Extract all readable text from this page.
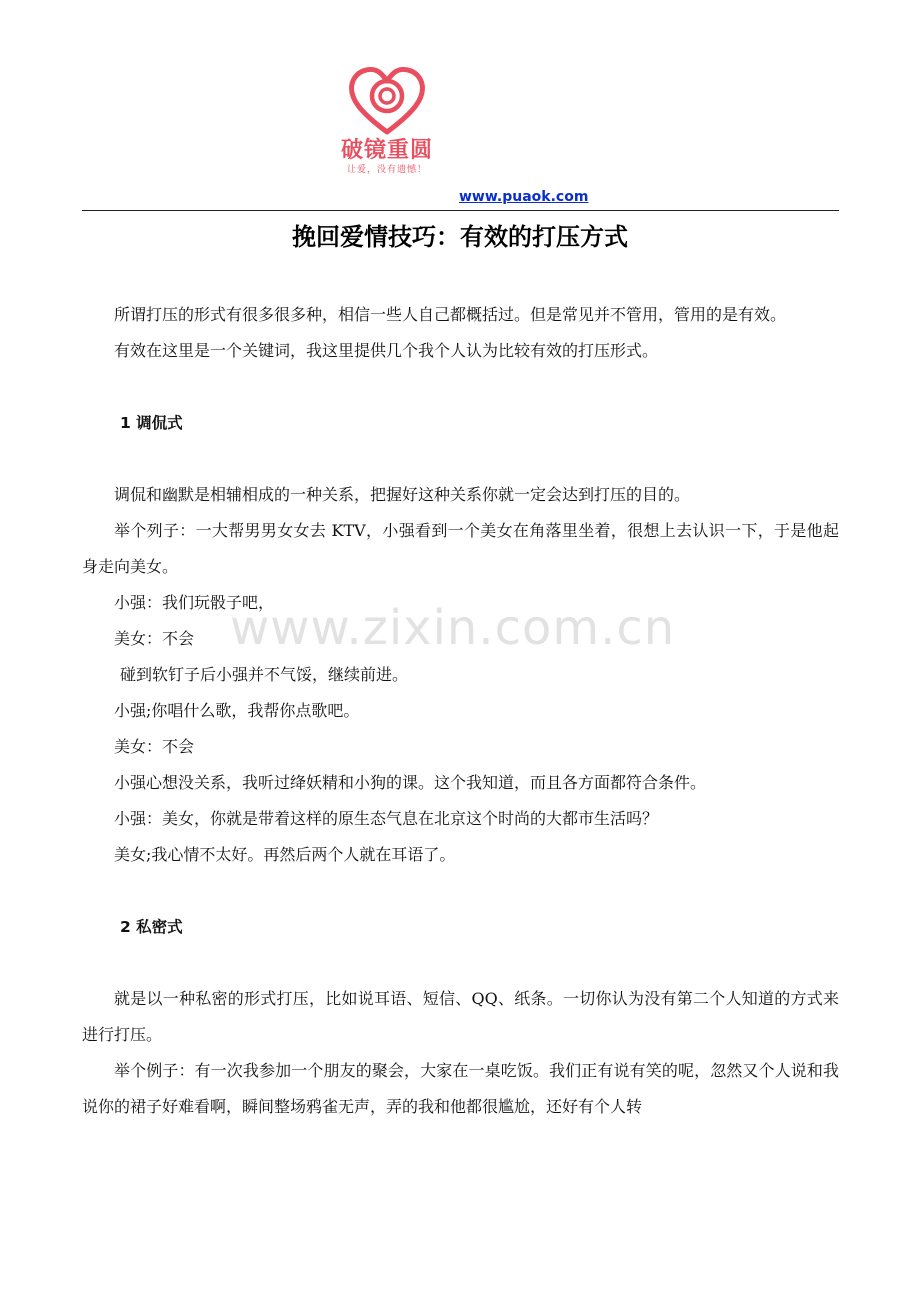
破镜重圆
让爱，没有遗憾！
www.puaok.com
挽回爱情技巧：有效的打压方式
www.zixin.com.cn

所谓打压的形式有很多很多种，相信一些人自己都概括过。但是常见并不管用，管用的是有效。

有效在这里是一个关键词，我这里提供几个我个人认为比较有效的打压形式。

1 调侃式

调侃和幽默是相辅相成的一种关系，把握好这种关系你就一定会达到打压的目的。

举个列子：一大帮男男女女去 KTV，小强看到一个美女在角落里坐着，很想上去认识一下，于是他起身走向美女。

小强：我们玩骰子吧，

美女：不会

碰到软钉子后小强并不气馁，继续前进。

小强;你唱什么歌，我帮你点歌吧。

美女：不会

小强心想没关系，我听过绛妖精和小狗的课。这个我知道，而且各方面都符合条件。

小强：美女，你就是带着这样的原生态气息在北京这个时尚的大都市生活吗？

美女;我心情不太好。再然后两个人就在耳语了。

2 私密式

就是以一种私密的形式打压，比如说耳语、短信、QQ、纸条。一切你认为没有第二个人知道的方式来进行打压。

举个例子：有一次我参加一个朋友的聚会，大家在一桌吃饭。我们正有说有笑的呢，忽然又个人说和我说你的裙子好难看啊，瞬间整场鸦雀无声，弄的我和他都很尴尬，还好有个人转
